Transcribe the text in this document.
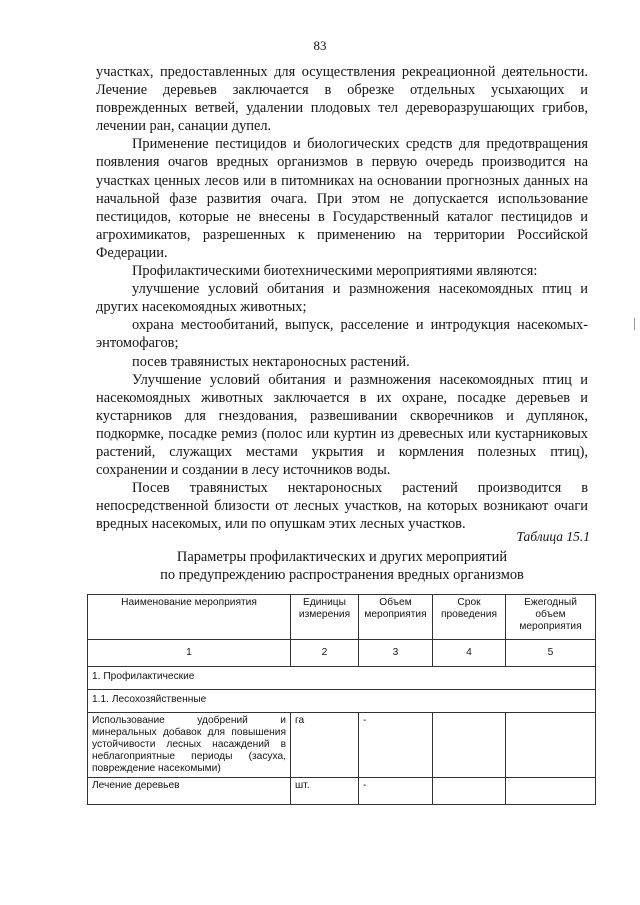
83

участках, предоставленных для осуществления рекреационной деятельности. Лечение деревьев заключается в обрезке отдельных усыхающих и поврежденных ветвей, удалении плодовых тел дереворазрушающих грибов, лечении ран, санации дупел.

Применение пестицидов и биологических средств для предотвращения появления очагов вредных организмов в первую очередь производится на участках ценных лесов или в питомниках на основании прогнозных данных на начальной фазе развития очага. При этом не допускается использование пестицидов, которые не внесены в Государственный каталог пестицидов и агрохимикатов, разрешенных к применению на территории Российской Федерации.

Профилактическими биотехническими мероприятиями являются:

улучшение условий обитания и размножения насекомоядных птиц и других насекомоядных животных;

охрана местообитаний, выпуск, расселение и интродукция насекомых-энтомофагов;

посев травянистых нектароносных растений.

Улучшение условий обитания и размножения насекомоядных птиц и насекомоядных животных заключается в их охране, посадке деревьев и кустарников для гнездования, развешивании скворечников и дуплянок, подкормке, посадке ремиз (полос или куртин из древесных или кустарниковых растений, служащих местами укрытия и кормления полезных птиц), сохранении и создании в лесу источников воды.

Посев травянистых нектароносных растений производится в непосредственной близости от лесных участков, на которых возникают очаги вредных насекомых, или по опушкам этих лесных участков.

Таблица 15.1
Параметры профилактических и других мероприятий
по предупреждению распространения вредных организмов
Наименование мероприятия	Единицы измерения	Объем мероприятия	Срок проведения	Ежегодный объем мероприятия
1	2	3	4	5
1. Профилактические				
1.1. Лесохозяйственные				
Использование удобрений и минеральных добавок для повышения устойчивости лесных насаждений в неблагоприятные периоды (засуха, повреждение насекомыми)	га	-		
Лечение деревьев	шт.	-		
